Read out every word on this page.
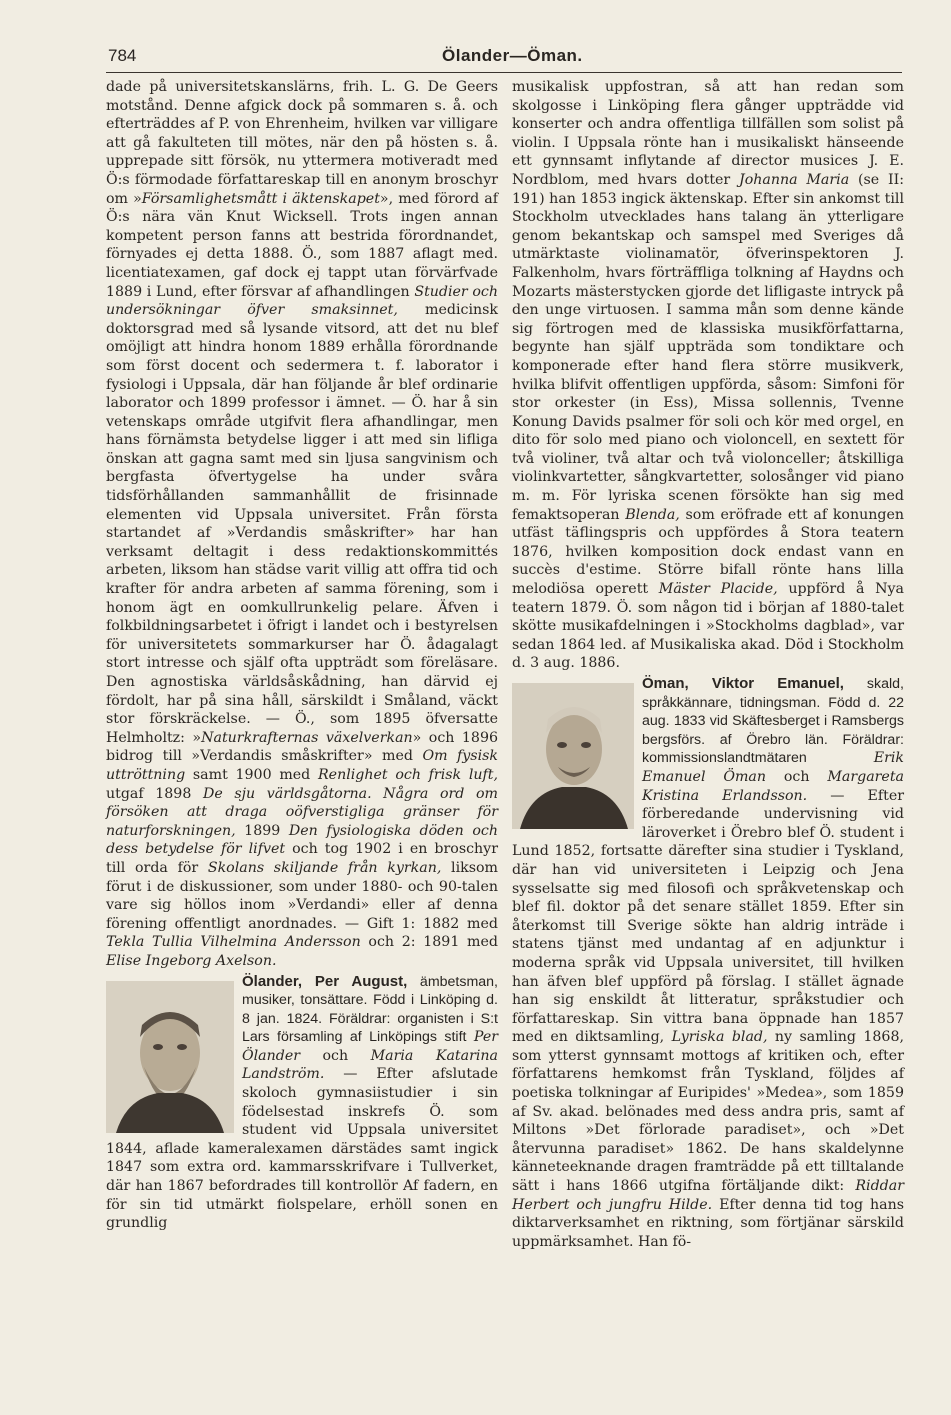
784	Ölander—Öman.

dade på universitetskanslärns, frih. L. G. De Geers motstånd. Denne afgick dock på sommaren s. å. och efterträddes af P. von Ehrenheim, hvilken var villigare att gå fakulteten till mötes, när den på hösten s. å. upprepade sitt försök, nu yttermera motiveradt med Ö:s förmodade författareskap till en anonym broschyr om »Församlighetsmått i äktenskapet», med förord af Ö:s nära vän Knut Wicksell. Trots ingen annan kompetent person fanns att bestrida förordnandet, förnyades ej detta 1888. Ö., som 1887 aflagt med. licentiatexamen, gaf dock ej tappt utan förvärfvade 1889 i Lund, efter försvar af afhandlingen Studier och undersökningar öfver smaksinnet, medicinsk doktorsgrad med så lysande vitsord, att det nu blef omöjligt att hindra honom 1889 erhålla förordnande som först docent och sedermera t. f. laborator i fysiologi i Uppsala, där han följande år blef ordinarie laborator och 1899 professor i ämnet. — Ö. har å sin vetenskaps område utgifvit flera afhandlingar, men hans förnämsta betydelse ligger i att med sin lifliga önskan att gagna samt med sin ljusa sangvinism och bergfasta öfvertygelse ha under svåra tidsförhållanden sammanhållit de frisinnade elementen vid Uppsala universitet. Från första startandet af »Verdandis småskrifter» har han verksamt deltagit i dess redaktionskommittés arbeten, liksom han städse varit villig att offra tid och krafter för andra arbeten af samma förening, som i honom ägt en oomkullrunkelig pelare. Äfven i folkbildningsarbetet i öfrigt i landet och i bestyrelsen för universitetets sommarkurser har Ö. ådagalagt stort intresse och själf ofta uppträdt som föreläsare. Den agnostiska världsåskådning, han därvid ej fördolt, har på sina håll, särskildt i Småland, väckt stor förskräckelse. — Ö., som 1895 öfversatte Helmholtz: »Naturkrafternas växelverkan» och 1896 bidrog till »Verdandis småskrifter» med Om fysisk uttröttning samt 1900 med Renlighet och frisk luft, utgaf 1898 De sju världsgåtorna. Några ord om försöken att draga oöfverstigliga gränser för naturforskningen, 1899 Den fysiologiska döden och dess betydelse för lifvet och tog 1902 i en broschyr till orda för Skolans skiljande från kyrkan, liksom förut i de diskussioner, som under 1880- och 90-talen vare sig höllos inom »Verdandi» eller af denna förening offentligt anordnades. — Gift 1: 1882 med Tekla Tullia Vilhelmina Andersson och 2: 1891 med Elise Ingeborg Axelson.

Ölander, Per August,
ämbetsman, musiker, tonsättare. Född i Linköping d. 8 jan. 1824. Föräldrar: organisten i S:t Lars församling af Linköpings stift Per Ölander och Maria Katarina Landström. — Efter afslutade skoloch gymnasiistudier i sin födelsestad inskrefs Ö. som student vid Uppsala universitet 1844, aflade kameralexamen därstädes samt ingick 1847 som extra ord. kammarsskrifvare i Tullverket, där han 1867 befordrades till kontrollör Af fadern, en för sin tid utmärkt fiolspelare, erhöll sonen en grundlig

musikalisk uppfostran, så att han redan som skolgosse i Linköping flera gånger uppträdde vid konserter och andra offentliga tillfällen som solist på violin. I Uppsala rönte han i musikaliskt hänseende ett gynnsamt inflytande af director musices J. E. Nordblom, med hvars dotter Johanna Maria (se II: 191) han 1853 ingick äktenskap. Efter sin ankomst till Stockholm utvecklades hans talang än ytterligare genom bekantskap och samspel med Sveriges då utmärktaste violinamatör, öfverinspektoren J. Falkenholm, hvars förträffliga tolkning af Haydns och Mozarts mästerstycken gjorde det lifligaste intryck på den unge virtuosen. I samma mån som denne kände sig förtrogen med de klassiska musikförfattarna, begynte han själf uppträda som tondiktare och komponerade efter hand flera större musikverk, hvilka blifvit offentligen uppförda, såsom: Simfoni för stor orkester (in Ess), Missa sollennis, Tvenne Konung Davids psalmer för soli och kör med orgel, en dito för solo med piano och violoncell, en sextett för två violiner, två altar och två violonceller; åtskilliga violinkvartetter, sångkvartetter, solosånger vid piano m. m. För lyriska scenen försökte han sig med femaktsoperan Blenda, som eröfrade ett af konungen utfäst täflingspris och uppfördes å Stora teatern 1876, hvilken komposition dock endast vann en succès d'estime. Större bifall rönte hans lilla melodiösa operett Mäster Placide, uppförd å Nya teatern 1879. Ö. som någon tid i början af 1880-talet skötte musikafdelningen i »Stockholms dagblad», var sedan 1864 led. af Musikaliska akad. Död i Stockholm d. 3 aug. 1886.

Öman, Viktor Emanuel,
skald, språkkännare, tidningsman. Född d. 22 aug. 1833 vid Skäftesberget i Ramsbergs bergsförs. af Örebro län. Föräldrar: kommissionslandtmätaren Erik Emanuel Öman och Margareta Kristina Erlandsson. — Efter förberedande undervisning vid läroverket i Örebro blef Ö. student i Lund 1852, fortsatte därefter sina studier i Tyskland, där han vid universiteten i Leipzig och Jena sysselsatte sig med filosofi och språkvetenskap och blef fil. doktor på det senare stället 1859. Efter sin återkomst till Sverige sökte han aldrig inträde i statens tjänst med undantag af en adjunktur i moderna språk vid Uppsala universitet, till hvilken han äfven blef uppförd på förslag. I stället ägnade han sig enskildt åt litteratur, språkstudier och författareskap. Sin vittra bana öppnade han 1857 med en diktsamling, Lyriska blad, ny samling 1868, som ytterst gynnsamt mottogs af kritiken och, efter författarens hemkomst från Tyskland, följdes af poetiska tolkningar af Euripides' »Medea», som 1859 af Sv. akad. belönades med dess andra pris, samt af Miltons »Det förlorade paradiset», och »Det återvunna paradiset» 1862. De hans skaldelynne känneteeknande dragen framträdde på ett tilltalande sätt i hans 1866 utgifna förtäljande dikt: Riddar Herbert och jungfru Hilde. Efter denna tid tog hans diktarverksamhet en riktning, som förtjänar särskild uppmärksamhet. Han fö-
